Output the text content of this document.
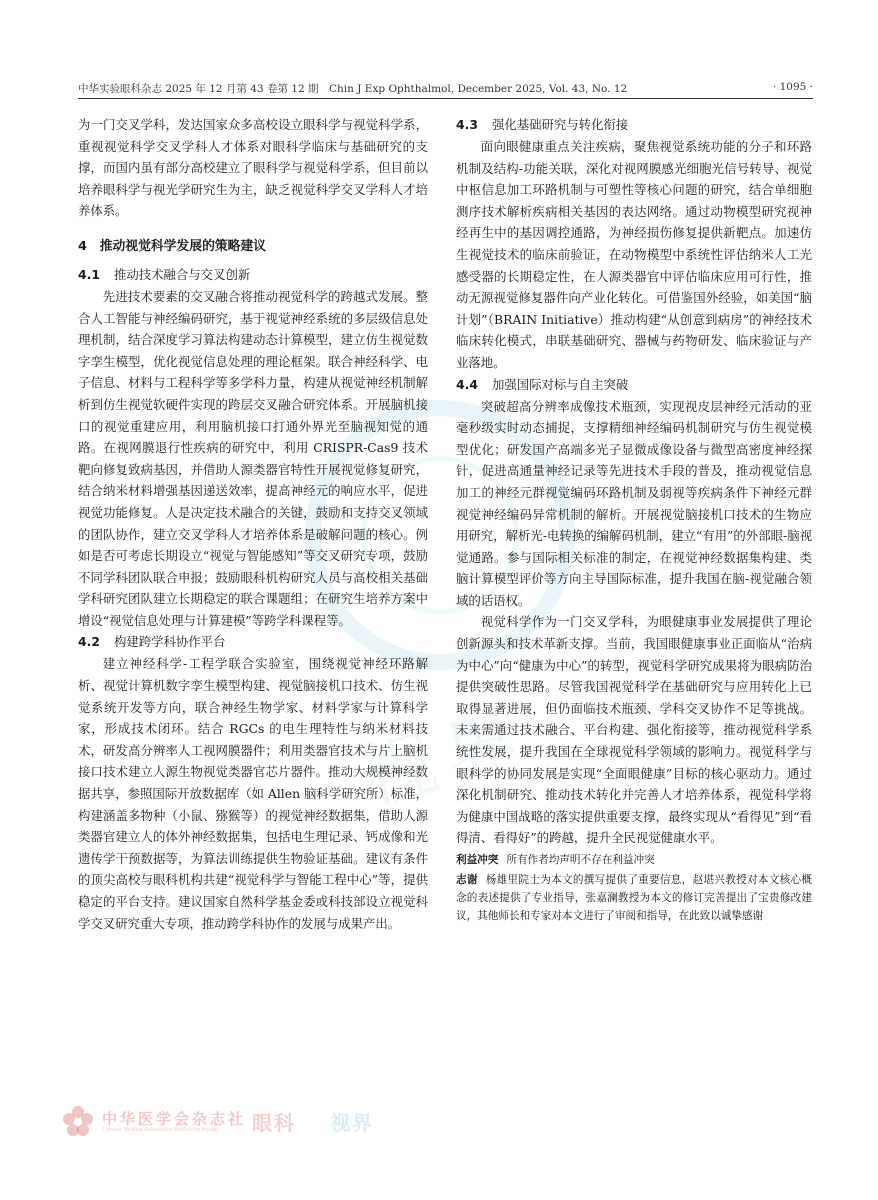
中华实验眼科杂志 2025 年 12 月第 43 卷第 12 期　Chin J Exp Ophthalmol, December 2025, Vol. 43, No. 12	· 1095 ·
视界

为一门交叉学科，发达国家众多高校设立眼科学与视觉科学系，重视视觉科学交叉学科人才体系对眼科学临床与基础研究的支撑，而国内虽有部分高校建立了眼科学与视觉科学系，但目前以培养眼科学与视光学研究生为主，缺乏视觉科学交叉学科人才培养体系。

4　推动视觉科学发展的策略建议
4.1 推动技术融合与交叉创新

先进技术要素的交叉融合将推动视觉科学的跨越式发展。整合人工智能与神经编码研究，基于视觉神经系统的多层级信息处理机制，结合深度学习算法构建动态计算模型，建立仿生视觉数字孪生模型，优化视觉信息处理的理论框架。联合神经科学、电子信息、材料与工程科学等多学科力量，构建从视觉神经机制解析到仿生视觉软硬件实现的跨层交叉融合研究体系。开展脑机接口的视觉重建应用，利用脑机接口打通外界光至脑视知觉的通路。在视网膜退行性疾病的研究中，利用 CRISPR-Cas9 技术靶向修复致病基因，并借助人源类器官特性开展视觉修复研究，结合纳米材料增强基因递送效率，提高神经元的响应水平，促进视觉功能修复。人是决定技术融合的关键，鼓励和支持交叉领域的团队协作，建立交叉学科人才培养体系是破解问题的核心。例如是否可考虑长期设立“视觉与智能感知”等交叉研究专项，鼓励不同学科团队联合申报；鼓励眼科机构研究人员与高校相关基础学科研究团队建立长期稳定的联合课题组；在研究生培养方案中增设“视觉信息处理与计算建模”等跨学科课程等。

4.2 构建跨学科协作平台

建立神经科学-工程学联合实验室，围绕视觉神经环路解析、视觉计算机数字孪生模型构建、视觉脑接机口技术、仿生视觉系统开发等方向，联合神经生物学家、材料学家与计算科学家，形成技术闭环。结合 RGCs 的电生理特性与纳米材料技术，研发高分辨率人工视网膜器件；利用类器官技术与片上脑机接口技术建立人源生物视觉类器官芯片器件。推动大规模神经数据共享，参照国际开放数据库（如 Allen 脑科学研究所）标准，构建涵盖多物种（小鼠、猕猴等）的视觉神经数据集，借助人源类器官建立人的体外神经数据集，包括电生理记录、钙成像和光遗传学干预数据等，为算法训练提供生物验证基础。建议有条件的顶尖高校与眼科机构共建“视觉科学与智能工程中心”等，提供稳定的平台支持。建议国家自然科学基金委或科技部设立视觉科学交叉研究重大专项，推动跨学科协作的发展与成果产出。

4.3 强化基础研究与转化衔接

面向眼健康重点关注疾病，聚焦视觉系统功能的分子和环路机制及结构-功能关联，深化对视网膜感光细胞光信号转导、视觉中枢信息加工环路机制与可塑性等核心问题的研究，结合单细胞测序技术解析疾病相关基因的表达网络。通过动物模型研究视神经再生中的基因调控通路，为神经损伤修复提供新靶点。加速仿生视觉技术的临床前验证，在动物模型中系统性评估纳米人工光感受器的长期稳定性，在人源类器官中评估临床应用可行性，推动无源视觉修复器件向产业化转化。可借鉴国外经验，如美国“脑计划”（BRAIN Initiative）推动构建“从创意到病房”的神经技术临床转化模式，串联基础研究、器械与药物研发、临床验证与产业落地。

4.4 加强国际对标与自主突破

突破超高分辨率成像技术瓶颈，实现视皮层神经元活动的亚毫秒级实时动态捕捉，支撑精细神经编码机制研究与仿生视觉模型优化；研发国产高端多光子显微成像设备与微型高密度神经探针，促进高通量神经记录等先进技术手段的普及，推动视觉信息加工的神经元群视觉编码环路机制及弱视等疾病条件下神经元群视觉神经编码异常机制的解析。开展视觉脑接机口技术的生物应用研究，解析光-电转换的编解码机制，建立“有用”的外部眼-脑视觉通路。参与国际相关标准的制定，在视觉神经数据集构建、类脑计算模型评价等方向主导国际标准，提升我国在脑-视觉融合领域的话语权。

视觉科学作为一门交叉学科，为眼健康事业发展提供了理论创新源头和技术革新支撑。当前，我国眼健康事业正面临从“治病为中心”向“健康为中心”的转型，视觉科学研究成果将为眼病防治提供突破性思路。尽管我国视觉科学在基础研究与应用转化上已取得显著进展，但仍面临技术瓶颈、学科交叉协作不足等挑战。未来需通过技术融合、平台构建、强化衔接等，推动视觉科学系统性发展，提升我国在全球视觉科学领域的影响力。视觉科学与眼科学的协同发展是实现“全面眼健康”目标的核心驱动力。通过深化机制研究、推动技术转化并完善人才培养体系，视觉科学将为健康中国战略的落实提供重要支撑，最终实现从“看得见”到“看得清、看得好”的跨越，提升全民视觉健康水平。

利益冲突 所有作者均声明不存在利益冲突
志谢 杨雄里院士为本文的撰写提供了重要信息，赵堪兴教授对本文核心概念的表述提供了专业指导，张嘉澜教授为本文的修订完善提出了宝贵修改建议，其他师长和专家对本文进行了审阅和指导，在此致以诚挚感谢
中华医学会杂志社
Chinese Medical Association Publishing House 眼科 视界
